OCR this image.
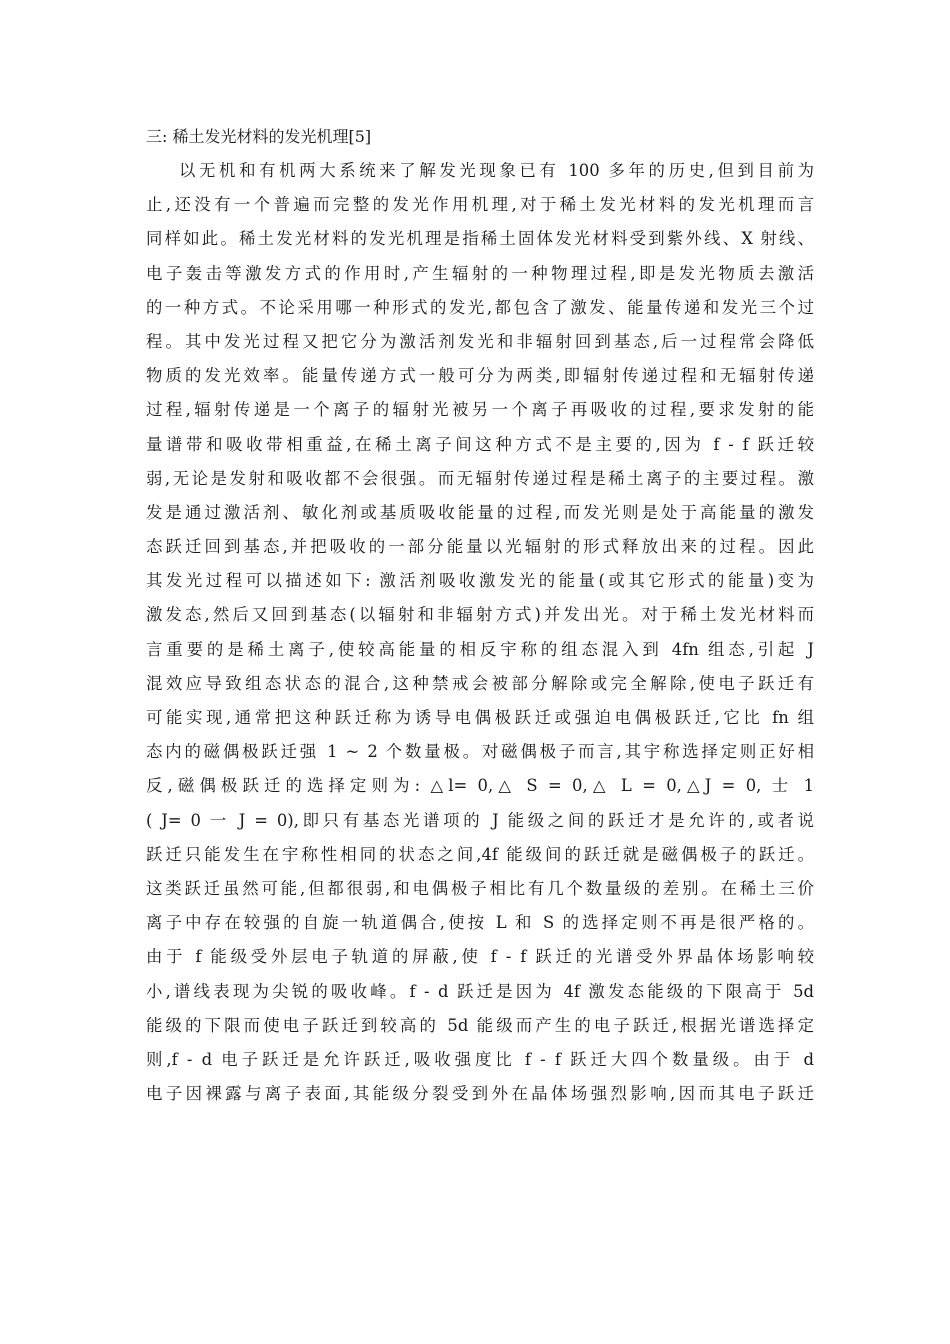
三: 稀土发光材料的发光机理[5]
以无机和有机两大系统来了解发光现象已有 100 多年的历史,但到目前为
止,还没有一个普遍而完整的发光作用机理,对于稀土发光材料的发光机理而言
同样如此。稀土发光材料的发光机理是指稀土固体发光材料受到紫外线、X 射线、
电子轰击等激发方式的作用时,产生辐射的一种物理过程,即是发光物质去激活
的一种方式。不论采用哪一种形式的发光,都包含了激发、能量传递和发光三个过
程。其中发光过程又把它分为激活剂发光和非辐射回到基态,后一过程常会降低
物质的发光效率。能量传递方式一般可分为两类,即辐射传递过程和无辐射传递
过程,辐射传递是一个离子的辐射光被另一个离子再吸收的过程,要求发射的能
量谱带和吸收带相重益,在稀土离子间这种方式不是主要的,因为 f - f 跃迁较
弱,无论是发射和吸收都不会很强。而无辐射传递过程是稀土离子的主要过程。激
发是通过激活剂、敏化剂或基质吸收能量的过程,而发光则是处于高能量的激发
态跃迁回到基态,并把吸收的一部分能量以光辐射的形式释放出来的过程。因此
其发光过程可以描述如下: 激活剂吸收激发光的能量(或其它形式的能量)变为
激发态,然后又回到基态(以辐射和非辐射方式)并发出光。对于稀土发光材料而
言重要的是稀土离子,使较高能量的相反宇称的组态混入到 4fn 组态,引起 J
混效应导致组态状态的混合,这种禁戒会被部分解除或完全解除,使电子跃迁有
可能实现,通常把这种跃迁称为诱导电偶极跃迁或强迫电偶极跃迁,它比 fn 组
态内的磁偶极跃迁强 1 ~ 2 个数量极。对磁偶极子而言,其宇称选择定则正好相
反,磁偶极跃迁的选择定则为: △l= 0,△ S = 0,△ L = 0,△J = 0, 士 1
( J= 0 一 J = 0),即只有基态光谱项的 J 能级之间的跃迁才是允许的,或者说
跃迁只能发生在宇称性相同的状态之间,4f 能级间的跃迁就是磁偶极子的跃迁。
这类跃迁虽然可能,但都很弱,和电偶极子相比有几个数量级的差别。在稀土三价
离子中存在较强的自旋一轨道偶合,使按 L 和 S 的选择定则不再是很严格的。
由于 f 能级受外层电子轨道的屏蔽,使 f - f 跃迁的光谱受外界晶体场影响较
小,谱线表现为尖锐的吸收峰。f - d 跃迁是因为 4f 激发态能级的下限高于 5d
能级的下限而使电子跃迁到较高的 5d 能级而产生的电子跃迁,根据光谱选择定
则,f - d 电子跃迁是允许跃迁,吸收强度比 f - f 跃迁大四个数量级。由于 d
电子因裸露与离子表面,其能级分裂受到外在晶体场强烈影响,因而其电子跃迁
